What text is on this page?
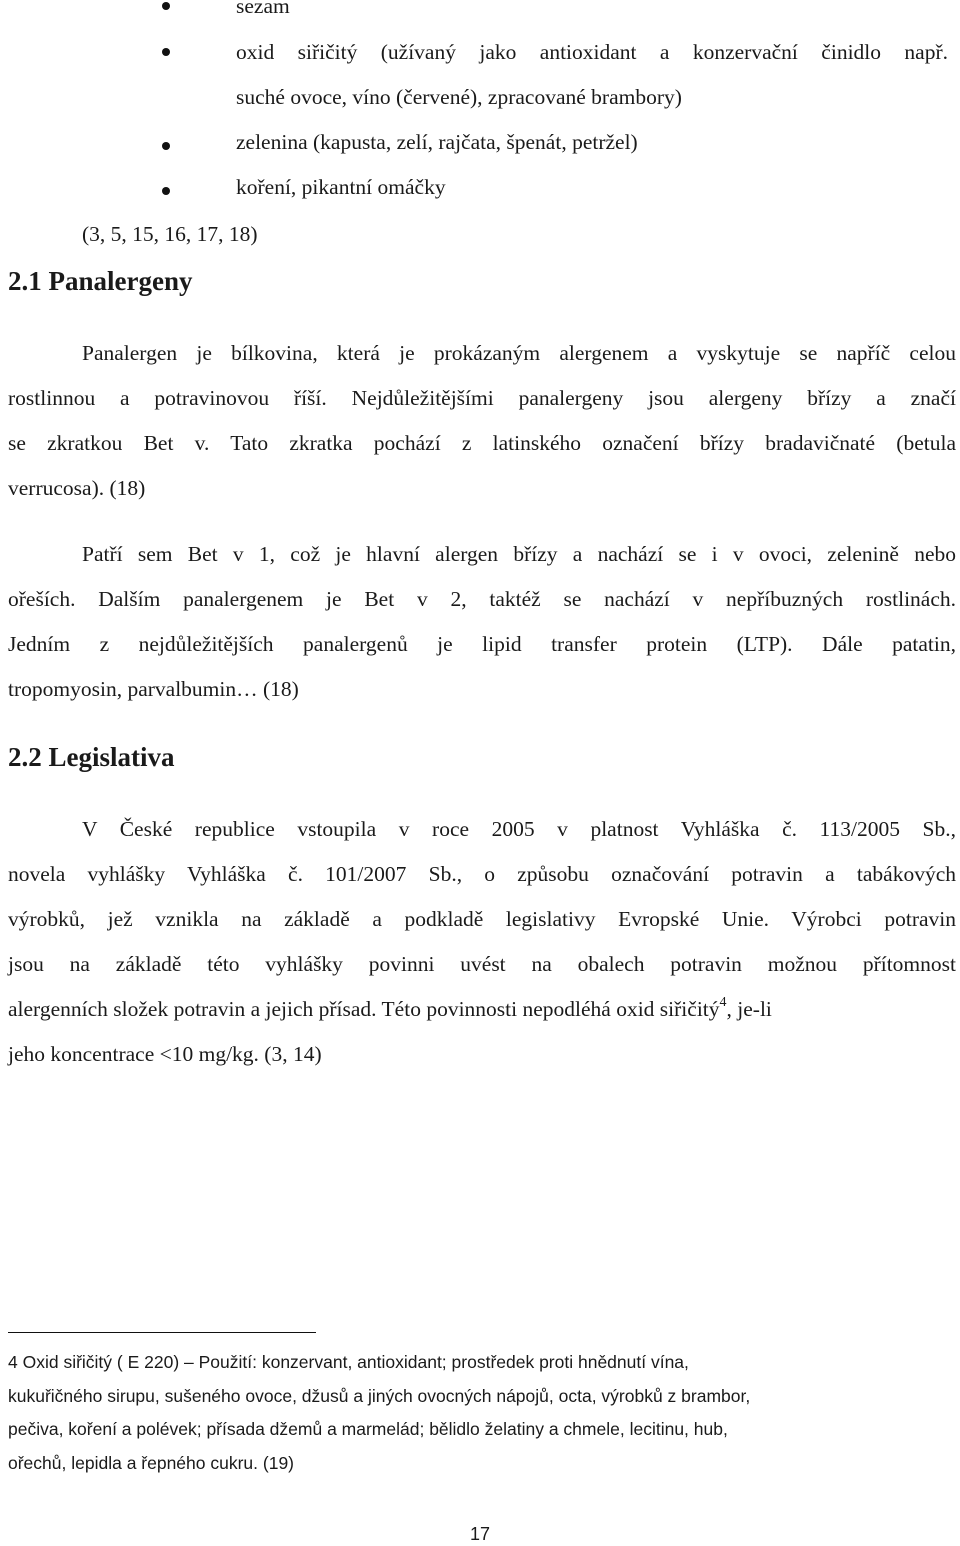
sezam
oxid siřičitý (užívaný jako antioxidant a konzervační činidlo např.
suché ovoce, víno (červené), zpracované brambory)
zelenina (kapusta, zelí, rajčata, špenát, petržel)
koření, pikantní omáčky
(3, 5, 15, 16, 17, 18)
2.1 Panalergeny
Panalergen je bílkovina, která je prokázaným alergenem a vyskytuje se napříč celou
rostlinnou a potravinovou říší. Nejdůležitějšími panalergeny jsou alergeny břízy a značí
se zkratkou Bet v. Tato zkratka pochází z latinského označení břízy bradavičnaté (betula
verrucosa). (18)
Patří sem Bet v 1, což je hlavní alergen břízy a nachází se i v ovoci, zelenině nebo
ořeších. Dalším panalergenem je Bet v 2, taktéž se nachází v nepříbuzných rostlinách.
Jedním z nejdůležitějších panalergenů je lipid transfer protein (LTP). Dále patatin,
tropomyosin, parvalbumin… (18)
2.2 Legislativa
V České republice vstoupila v roce 2005 v platnost Vyhláška č. 113/2005 Sb.,
novela vyhlášky Vyhláška č. 101/2007 Sb., o způsobu označování potravin a tabákových
výrobků, jež vznikla na základě a podkladě legislativy Evropské Unie. Výrobci potravin
jsou na základě této vyhlášky povinni uvést na obalech potravin možnou přítomnost
alergenních složek potravin a jejich přísad. Této povinnosti nepodléhá oxid siřičitý$^4$, je-li
jeho koncentrace <10 mg/kg. (3, 14)
4 Oxid siřičitý ( E 220) – Použití: konzervant, antioxidant; prostředek proti hnědnutí vína,
kukuřičného sirupu, sušeného ovoce, džusů a jiných ovocných nápojů, octa, výrobků z brambor,
pečiva, koření a polévek; přísada džemů a marmelád; bělidlo želatiny a chmele, lecitinu, hub,
ořechů, lepidla a řepného cukru. (19)
17
